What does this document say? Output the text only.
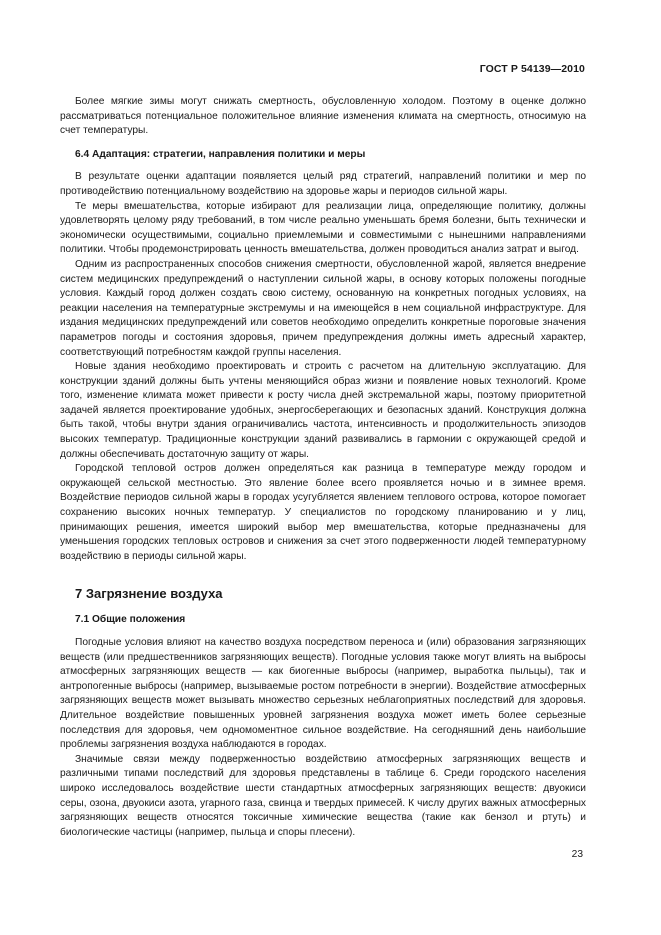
ГОСТ Р 54139—2010

Более мягкие зимы могут снижать смертность, обусловленную холодом. Поэтому в оценке должно рассматриваться потенциальное положительное влияние изменения климата на смертность, относимую на счет температуры.

6.4 Адаптация: стратегии, направления политики и меры

В результате оценки адаптации появляется целый ряд стратегий, направлений политики и мер по противодействию потенциальному воздействию на здоровье жары и периодов сильной жары.

Те меры вмешательства, которые избирают для реализации лица, определяющие политику, должны удовлетворять целому ряду требований, в том числе реально уменьшать бремя болезни, быть технически и экономически осуществимыми, социально приемлемыми и совместимыми с нынешними направлениями политики. Чтобы продемонстрировать ценность вмешательства, должен проводиться анализ затрат и выгод.

Одним из распространенных способов снижения смертности, обусловленной жарой, является внедрение систем медицинских предупреждений о наступлении сильной жары, в основу которых положены погодные условия. Каждый город должен создать свою систему, основанную на конкретных погодных условиях, на реакции населения на температурные экстремумы и на имеющейся в нем социальной инфраструктуре. Для издания медицинских предупреждений или советов необходимо определить конкретные пороговые значения параметров погоды и состояния здоровья, причем предупреждения должны иметь адресный характер, соответствующий потребностям каждой группы населения.

Новые здания необходимо проектировать и строить с расчетом на длительную эксплуатацию. Для конструкции зданий должны быть учтены меняющийся образ жизни и появление новых технологий. Кроме того, изменение климата может привести к росту числа дней экстремальной жары, поэтому приоритетной задачей является проектирование удобных, энергосберегающих и безопасных зданий. Конструкция должна быть такой, чтобы внутри здания ограничивались частота, интенсивность и продолжительность эпизодов высоких температур. Традиционные конструкции зданий развивались в гармонии с окружающей средой и должны обеспечивать достаточную защиту от жары.

Городской тепловой остров должен определяться как разница в температуре между городом и окружающей сельской местностью. Это явление более всего проявляется ночью и в зимнее время. Воздействие периодов сильной жары в городах усугубляется явлением теплового острова, которое помогает сохранению высоких ночных температур. У специалистов по городскому планированию и у лиц, принимающих решения, имеется широкий выбор мер вмешательства, которые предназначены для уменьшения городских тепловых островов и снижения за счет этого подверженности людей температурному воздействию в периоды сильной жары.

7 Загрязнение воздуха
7.1 Общие положения

Погодные условия влияют на качество воздуха посредством переноса и (или) образования загрязняющих веществ (или предшественников загрязняющих веществ). Погодные условия также могут влиять на выбросы атмосферных загрязняющих веществ — как биогенные выбросы (например, выработка пыльцы), так и антропогенные выбросы (например, вызываемые ростом потребности в энергии). Воздействие атмосферных загрязняющих веществ может вызывать множество серьезных неблагоприятных последствий для здоровья. Длительное воздействие повышенных уровней загрязнения воздуха может иметь более серьезные последствия для здоровья, чем одномоментное сильное воздействие. На сегодняшний день наибольшие проблемы загрязнения воздуха наблюдаются в городах.

Значимые связи между подверженностью воздействию атмосферных загрязняющих веществ и различными типами последствий для здоровья представлены в таблице 6. Среди городского населения широко исследовалось воздействие шести стандартных атмосферных загрязняющих веществ: двуокиси серы, озона, двуокиси азота, угарного газа, свинца и твердых примесей. К числу других важных атмосферных загрязняющих веществ относятся токсичные химические вещества (такие как бензол и ртуть) и биологические частицы (например, пыльца и споры плесени).

23
